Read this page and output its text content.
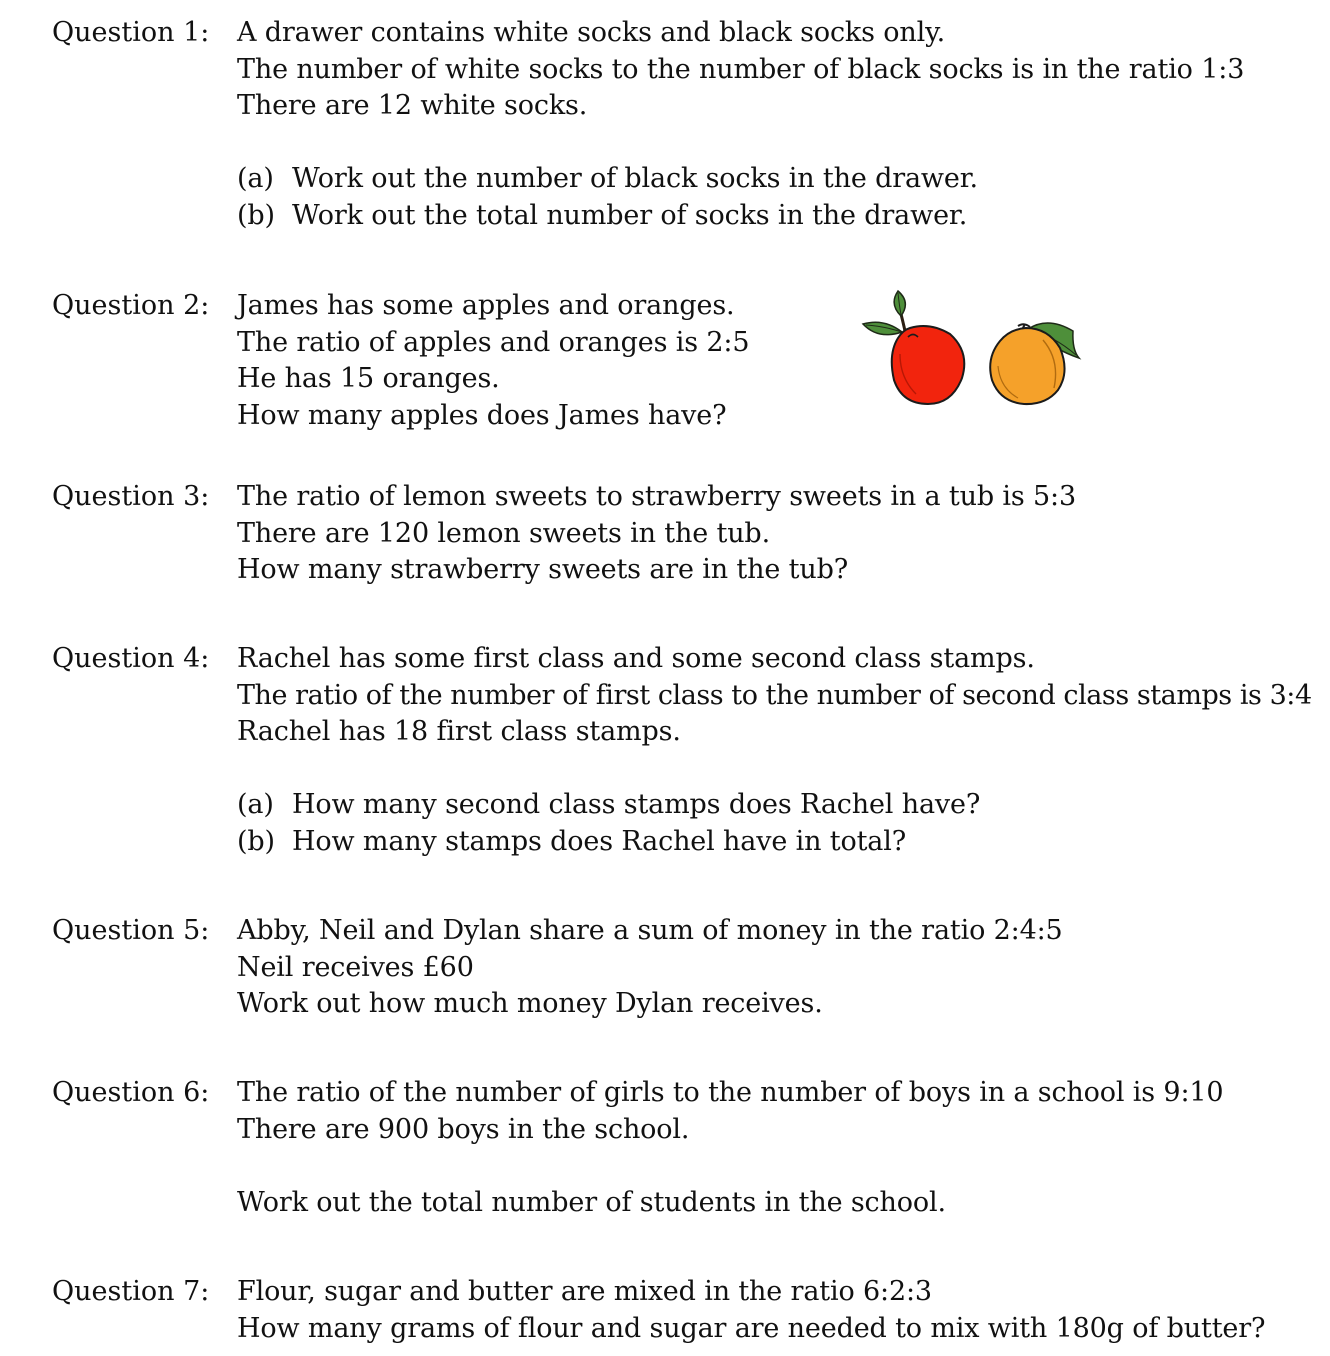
Question 1: A drawer contains white socks and black socks only.
The number of white socks to the number of black socks is in the ratio 1:3
There are 12 white socks.
(a) Work out the number of black socks in the drawer.
(b) Work out the total number of socks in the drawer.
Question 2: James has some apples and oranges.
The ratio of apples and oranges is 2:5
He has 15 oranges.
How many apples does James have?
Question 3: The ratio of lemon sweets to strawberry sweets in a tub is 5:3
There are 120 lemon sweets in the tub.
How many strawberry sweets are in the tub?
Question 4: Rachel has some first class and some second class stamps.
The ratio of the number of first class to the number of second class stamps is 3:4
Rachel has 18 first class stamps.
(a) How many second class stamps does Rachel have?
(b) How many stamps does Rachel have in total?
Question 5: Abby, Neil and Dylan share a sum of money in the ratio 2:4:5
Neil receives £60
Work out how much money Dylan receives.
Question 6: The ratio of the number of girls to the number of boys in a school is 9:10
There are 900 boys in the school.
Work out the total number of students in the school.
Question 7: Flour, sugar and butter are mixed in the ratio 6:2:3
How many grams of flour and sugar are needed to mix with 180g of butter?
